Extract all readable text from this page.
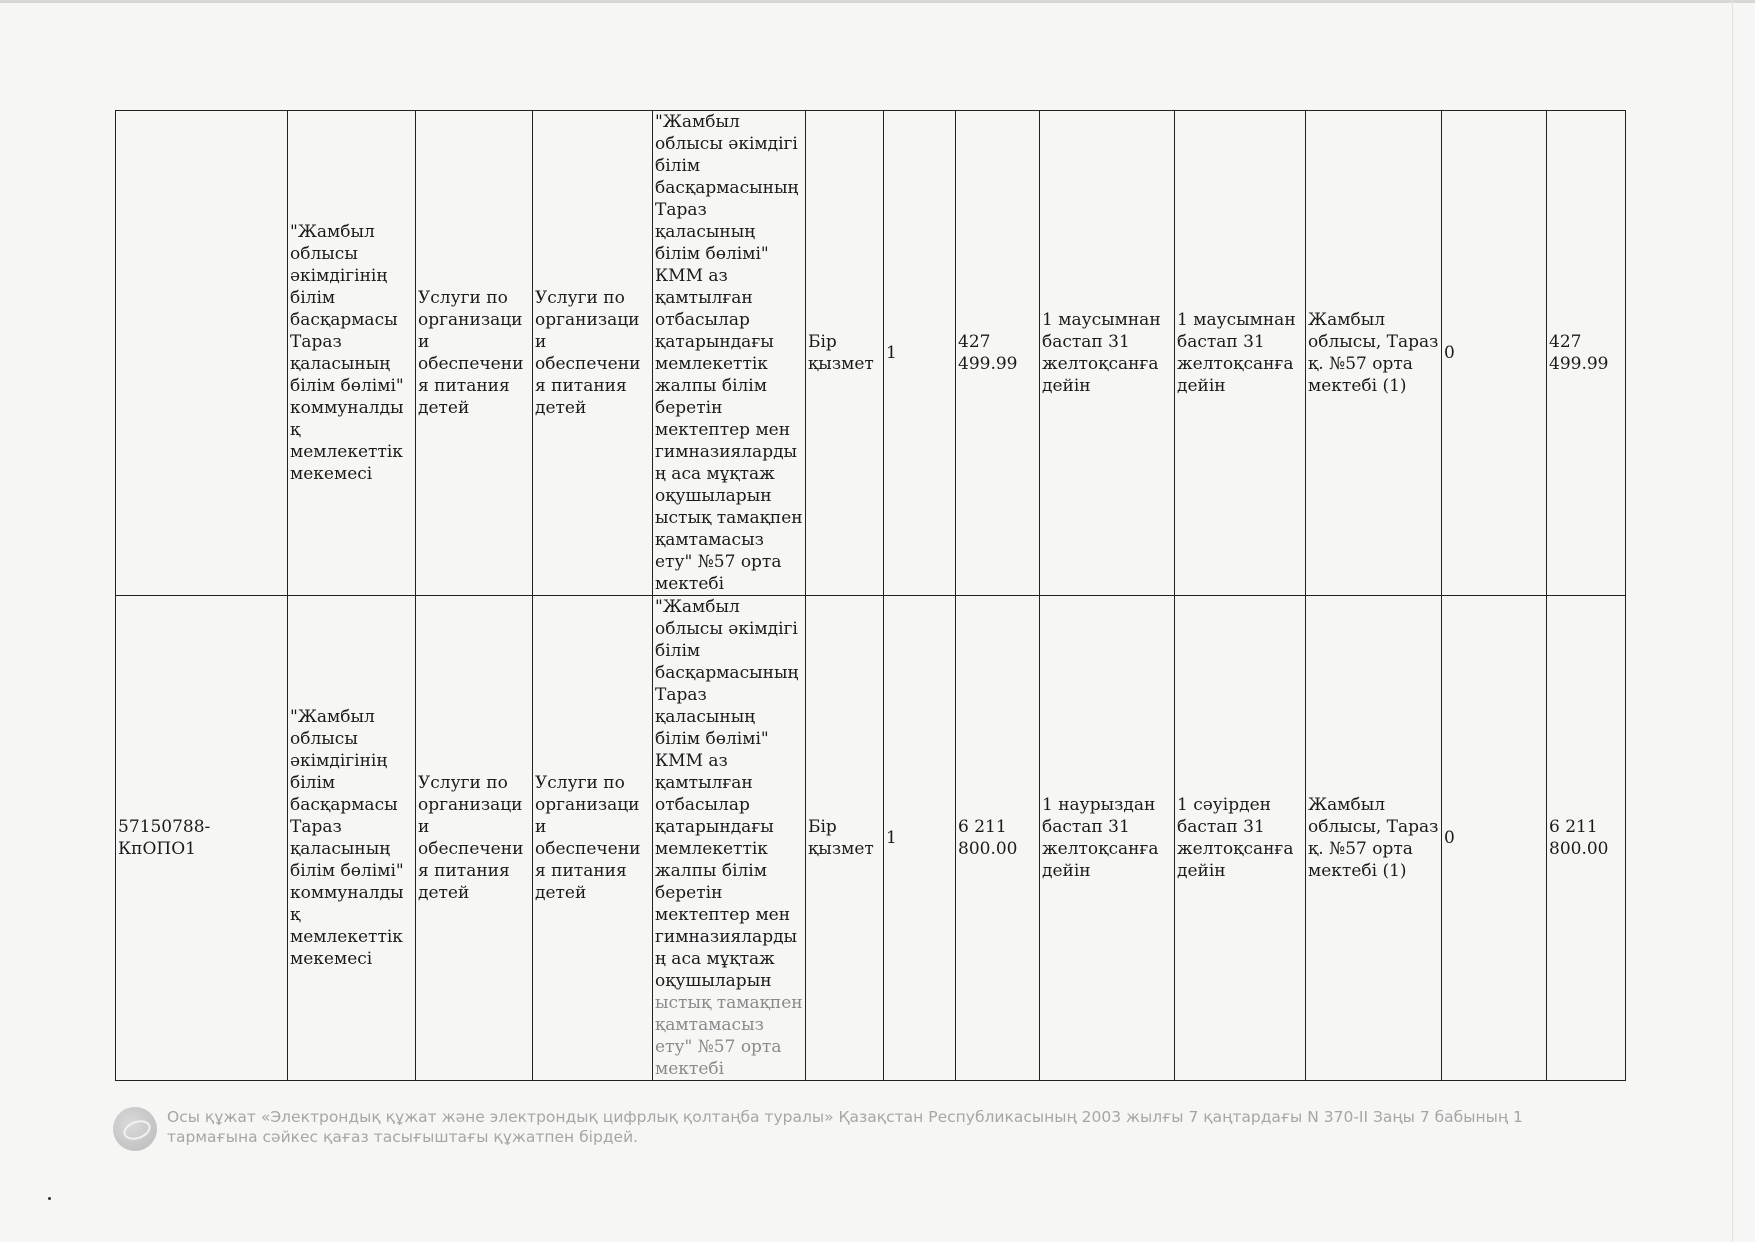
	"Жамбыл облысы әкімдігінің білім басқармасы Тараз қаласының білім бөлімі" коммуналдық мемлекеттік мекемесі	Услуги по организации обеспечения питания детей	Услуги по организации обеспечения питания детей	"Жамбыл облысы әкімдігі білім басқармасының Тараз қаласының білім бөлімі" КММ аз қамтылған отбасылар қатарындағы мемлекеттік жалпы білім беретін мектептер мен гимназиялардың аса мұқтаж оқушыларын ыстық тамақпен қамтамасыз ету" №57 орта мектебі	Бір қызмет	1	427 499.99	1 маусымнан бастап 31 желтоқсанға дейін	1 маусымнан бастап 31 желтоқсанға дейін	Жамбыл облысы, Тараз қ. №57 орта мектебі (1)	0	427 499.99
57150788-КпОПО1	"Жамбыл облысы әкімдігінің білім басқармасы Тараз қаласының білім бөлімі" коммуналдық мемлекеттік мекемесі	Услуги по организации обеспечения питания детей	Услуги по организации обеспечения питания детей	"Жамбыл облысы әкімдігі білім басқармасының Тараз қаласының білім бөлімі" КММ аз қамтылған отбасылар қатарындағы мемлекеттік жалпы білім беретін мектептер мен гимназиялардың аса мұқтаж оқушыларын ыстық тамақпен қамтамасыз ету" №57 орта мектебі	Бір қызмет	1	6 211 800.00	1 наурыздан бастап 31 желтоқсанға дейін	1 сәуірден бастап 31 желтоқсанға дейін	Жамбыл облысы, Тараз қ. №57 орта мектебі (1)	0	6 211 800.00
Осы құжат «Электрондық құжат және электрондық цифрлық қолтаңба туралы» Қазақстан Республикасының 2003 жылғы 7 қаңтардағы N 370-II Заңы 7 бабының 1 тармағына сәйкес қағаз тасығыштағы құжатпен бірдей.
